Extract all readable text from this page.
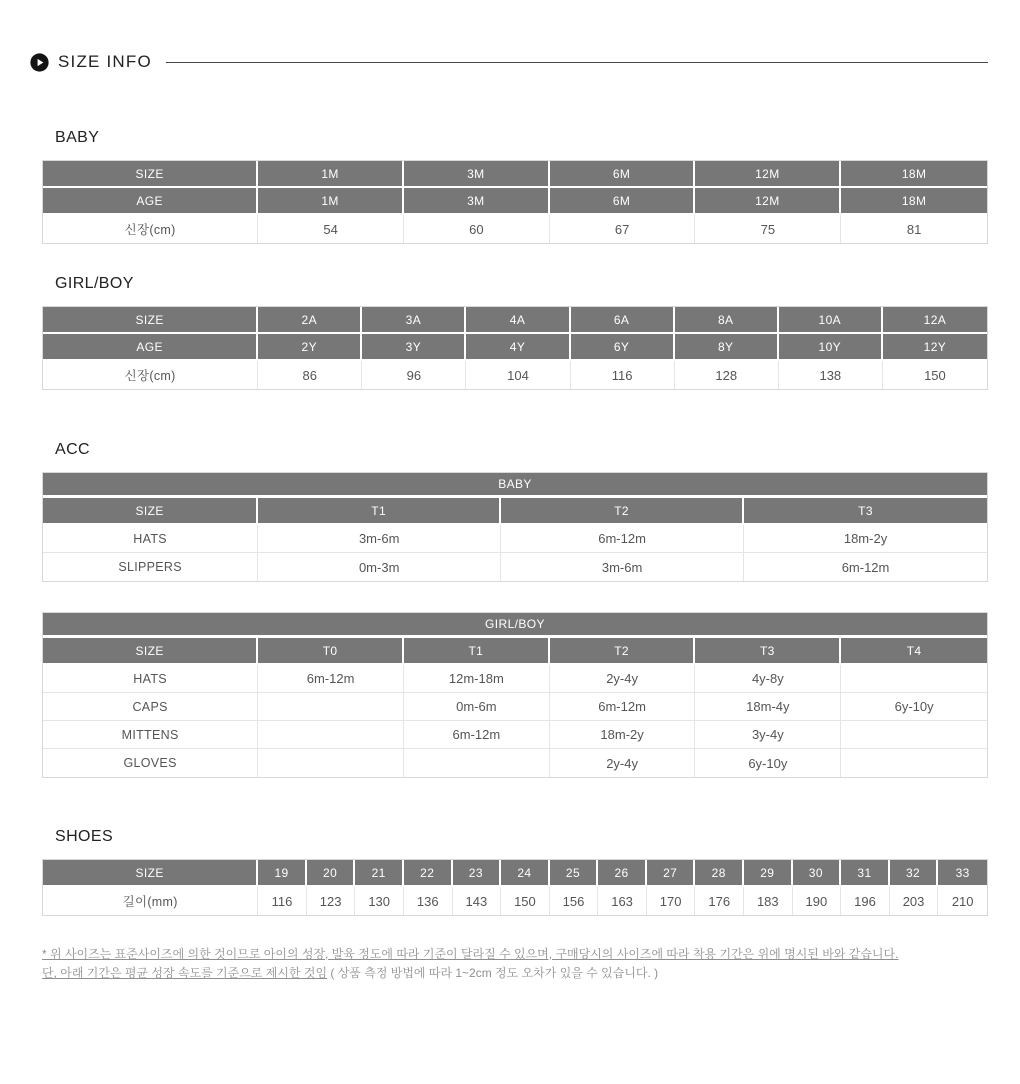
SIZE INFO
BABY
SIZE	1M	3M	6M	12M	18M
AGE	1M	3M	6M	12M	18M
신장(cm)	54	60	67	75	81
GIRL/BOY
SIZE	2A	3A	4A	6A	8A	10A	12A
AGE	2Y	3Y	4Y	6Y	8Y	10Y	12Y
신장(cm)	86	96	104	116	128	138	150
ACC
BABY			
SIZE	T1	T2	T3
HATS	3m-6m	6m-12m	18m-2y
SLIPPERS	0m-3m	3m-6m	6m-12m
GIRL/BOY					
SIZE	T0	T1	T2	T3	T4
HATS	6m-12m	12m-18m	2y-4y	4y-8y	
CAPS		0m-6m	6m-12m	18m-4y	6y-10y
MITTENS		6m-12m	18m-2y	3y-4y	
GLOVES			2y-4y	6y-10y	
SHOES
SIZE	19	20	21	22	23	24	25	26	27	28	29	30	31	32	33
길이(mm)	116	123	130	136	143	150	156	163	170	176	183	190	196	203	210

* 위 사이즈는 표준사이즈에 의한 것이므로 아이의 성장, 발육 정도에 따라 기준이 달라질 수 있으며, 구매당시의 사이즈에 따라 착용 기간은 위에 명시된 바와 같습니다.

단, 아래 기간은 평균 성장 속도를 기준으로 제시한 것임 ( 상품 측정 방법에 따라 1~2cm 정도 오차가 있을 수 있습니다. )
